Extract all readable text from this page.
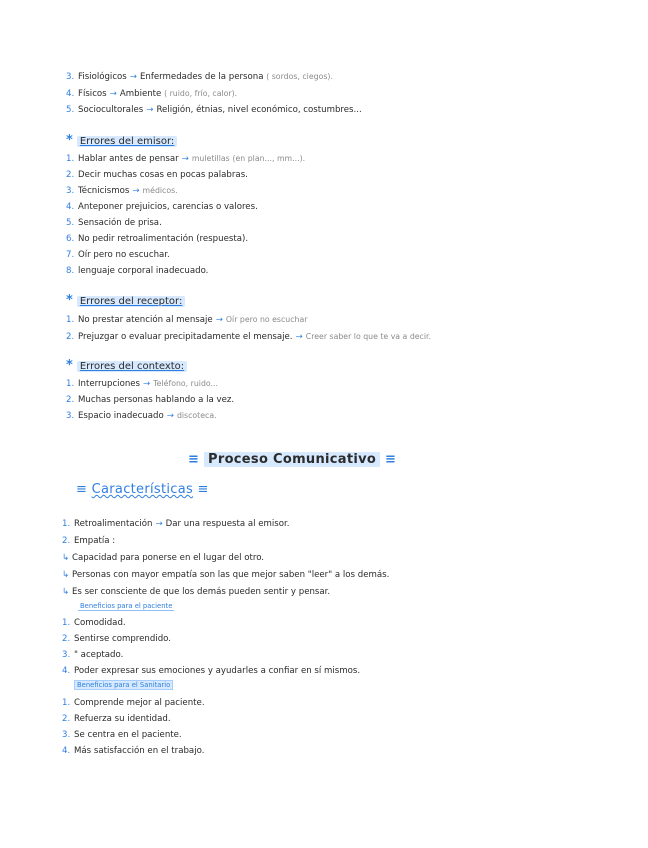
3. Fisiológicos → Enfermedades de la persona ( sordos, ciegos).
4. Físicos → Ambiente ( ruido, frío, calor).
5. Sociocultorales → Religión, étnias, nivel económico, costumbres...
* Errores del emisor:
1. Hablar antes de pensar → muletillas (en plan..., mm...).
2. Decir muchas cosas en pocas palabras.
3. Técnicismos → médicos.
4. Anteponer prejuicios, carencias o valores.
5. Sensación de prisa.
6. No pedir retroalimentación (respuesta).
7. Oír pero no escuchar.
8. lenguaje corporal inadecuado.
* Errores del receptor:
1. No prestar atención al mensaje → Oír pero no escuchar
2. Prejuzgar o evaluar precipitadamente el mensaje. → Creer saber lo que te va a decir.
* Errores del contexto:
1. Interrupciones → Teléfono, ruido...
2. Muchas personas hablando a la vez.
3. Espacio inadecuado → discoteca.
≡ Proceso Comunicativo ≡
≡ Características ≡
1. Retroalimentación → Dar una respuesta al emisor.
2. Empatía :
↳ Capacidad para ponerse en el lugar del otro.
↳ Personas con mayor empatía son las que mejor saben "leer" a los demás.
↳ Es ser consciente de que los demás pueden sentir y pensar.
Beneficios para el paciente
1. Comodidad.
2. Sentirse comprendido.
3. " aceptado.
4. Poder expresar sus emociones y ayudarles a confiar en sí mismos.
Beneficios para el Sanitario
1. Comprende mejor al paciente.
2. Refuerza su identidad.
3. Se centra en el paciente.
4. Más satisfacción en el trabajo.
